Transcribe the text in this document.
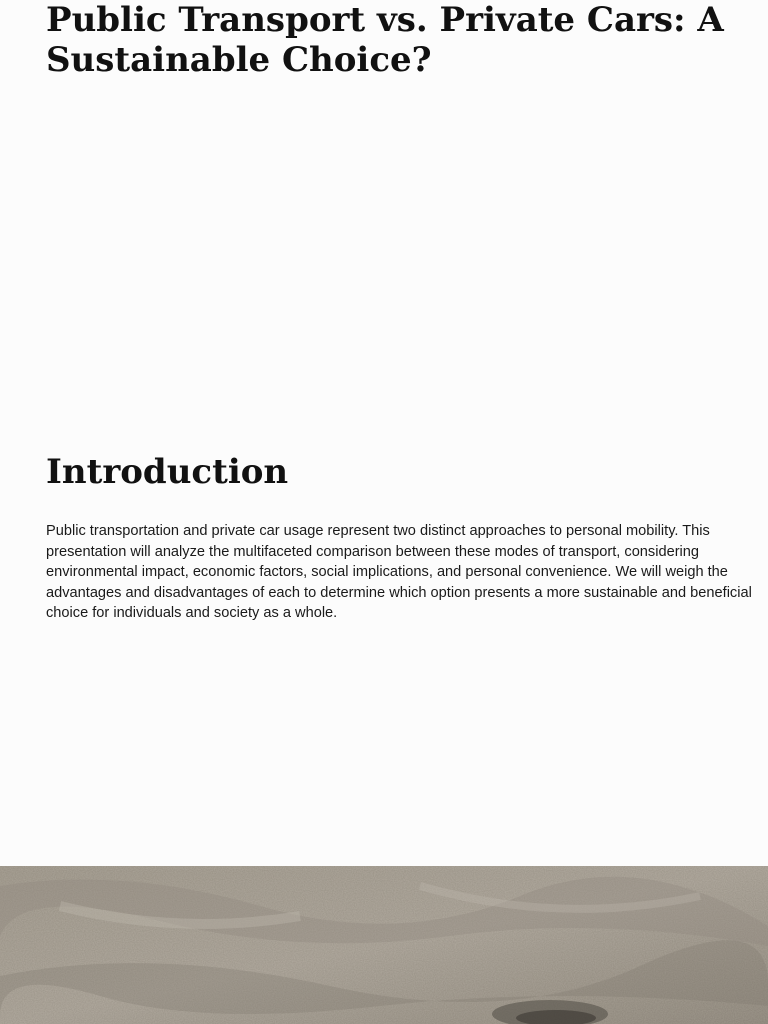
Public Transport vs. Private Cars: A Sustainable Choice?
Introduction

Public transportation and private car usage represent two distinct approaches to personal mobility. This presentation will analyze the multifaceted comparison between these modes of transport, considering environmental impact, economic factors, social implications, and personal convenience. We will weigh the advantages and disadvantages of each to determine which option presents a more sustainable and beneficial choice for individuals and society as a whole.
